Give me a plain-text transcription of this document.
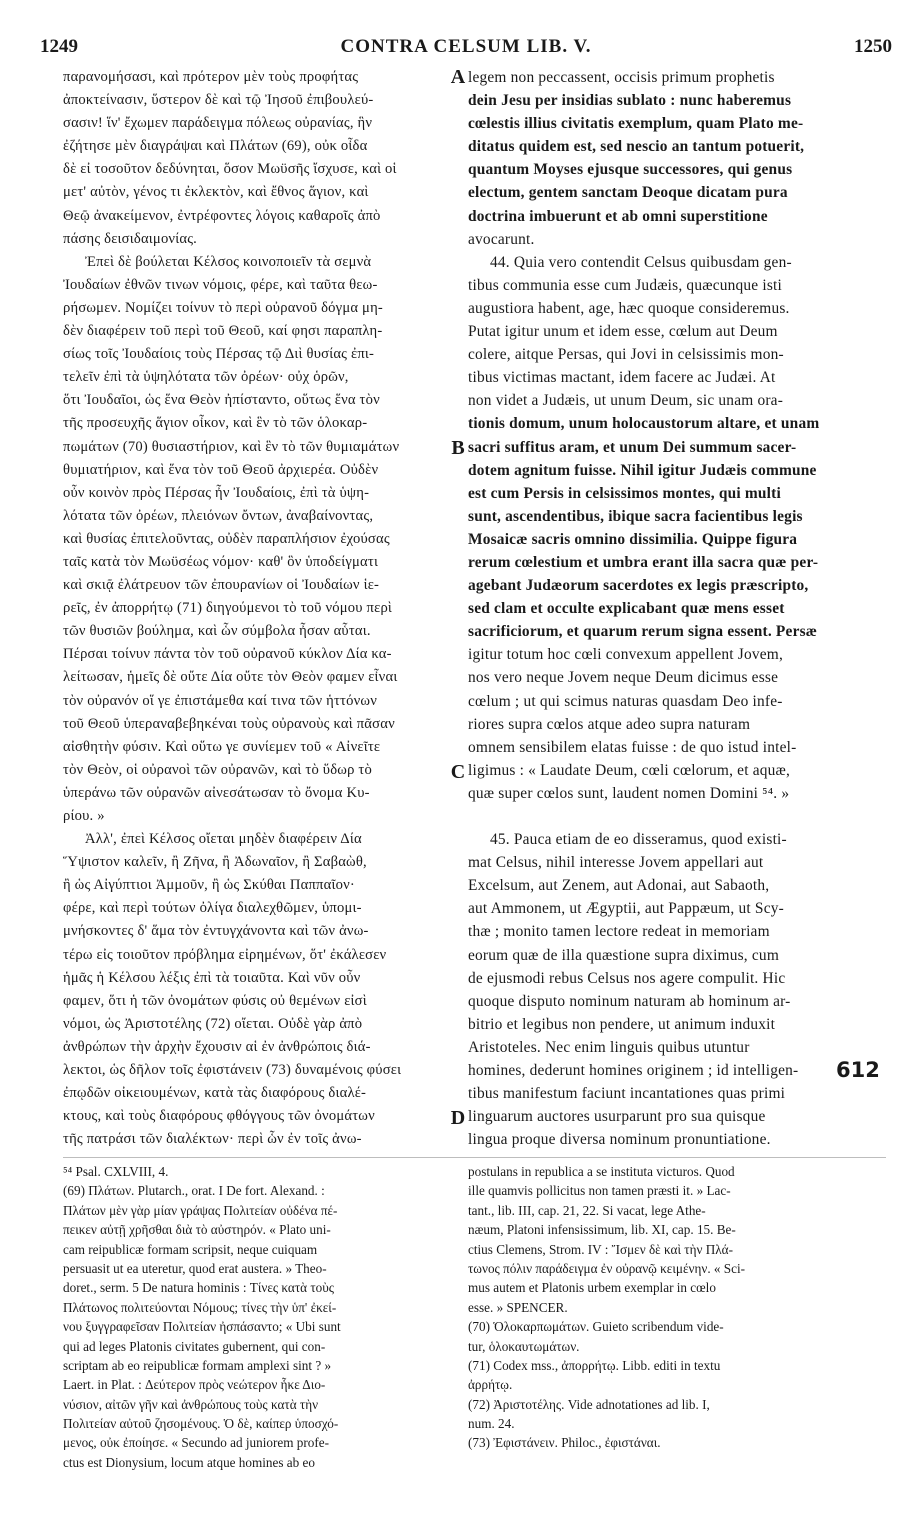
1249	CONTRA CELSUM LIB. V.	1250
παρανομήσασι, καὶ πρότερον μὲν τοὺς προφήτας
ἀποκτείνασιν, ὕστερον δὲ καὶ τῷ Ἰησοῦ ἐπιβουλεύ-
σασιν! ἵν' ἔχωμεν παράδειγμα πόλεως οὐρανίας, ἣν
ἐζήτησε μὲν διαγράψαι καὶ Πλάτων (69), οὐκ οἶδα
δὲ εἰ τοσοῦτον δεδύνηται, ὅσον Μωϋσῆς ἴσχυσε, καὶ οἱ
μετ' αὐτὸν, γένος τι ἐκλεκτὸν, καὶ ἔθνος ἅγιον, καὶ
Θεῷ ἀνακείμενον, ἐντρέφοντες λόγοις καθαροῖς ἀπὸ
πάσης δεισιδαιμονίας.
Ἐπεὶ δὲ βούλεται Κέλσος κοινοποιεῖν τὰ σεμνὰ
Ἰουδαίων ἐθνῶν τινων νόμοις, φέρε, καὶ ταῦτα θεω-
ρήσωμεν. Νομίζει τοίνυν τὸ περὶ οὐρανοῦ δόγμα μη-
δὲν διαφέρειν τοῦ περὶ τοῦ Θεοῦ, καί φησι παραπλη-
σίως τοῖς Ἰουδαίοις τοὺς Πέρσας τῷ Διὶ θυσίας ἐπι-
τελεῖν ἐπὶ τὰ ὑψηλότατα τῶν ὀρέων· οὐχ ὁρῶν,
ὅτι Ἰουδαῖοι, ὡς ἕνα Θεὸν ἠπίσταντο, οὕτως ἕνα τὸν
τῆς προσευχῆς ἅγιον οἶκον, καὶ ἓν τὸ τῶν ὁλοκαρ-
πωμάτων (70) θυσιαστήριον, καὶ ἓν τὸ τῶν θυμιαμάτων
θυμιατήριον, καὶ ἕνα τὸν τοῦ Θεοῦ ἀρχιερέα. Οὐδὲν
οὖν κοινὸν πρὸς Πέρσας ἦν Ἰουδαίοις, ἐπὶ τὰ ὑψη-
λότατα τῶν ὀρέων, πλειόνων ὄντων, ἀναβαίνοντας,
καὶ θυσίας ἐπιτελοῦντας, οὐδὲν παραπλήσιον ἐχούσας
ταῖς κατὰ τὸν Μωϋσέως νόμον· καθ' ὃν ὑποδείγματι
καὶ σκιᾷ ἐλάτρευον τῶν ἐπουρανίων οἱ Ἰουδαίων ἱε-
ρεῖς, ἐν ἀπορρήτῳ (71) διηγούμενοι τὸ τοῦ νόμου περὶ
τῶν θυσιῶν βούλημα, καὶ ὧν σύμβολα ἦσαν αὗται.
Πέρσαι τοίνυν πάντα τὸν τοῦ οὐρανοῦ κύκλον Δία κα-
λείτωσαν, ἡμεῖς δὲ οὔτε Δία οὔτε τὸν Θεὸν φαμεν εἶναι
τὸν οὐρανόν οἵ γε ἐπιστάμεθα καί τινα τῶν ἡττόνων
τοῦ Θεοῦ ὑπεραναβεβηκέναι τοὺς οὐρανοὺς καὶ πᾶσαν
αἰσθητὴν φύσιν. Καὶ οὕτω γε συνίεμεν τοῦ « Αἰνεῖτε
τὸν Θεὸν, οἱ οὐρανοὶ τῶν οὐρανῶν, καὶ τὸ ὕδωρ τὸ
ὑπεράνω τῶν οὐρανῶν αἰνεσάτωσαν τὸ ὄνομα Κυ-
ρίου. »
Ἀλλ', ἐπεὶ Κέλσος οἴεται μηδὲν διαφέρειν Δία
Ὕψιστον καλεῖν, ἢ Ζῆνα, ἢ Ἀδωναῖον, ἢ Σαβαὼθ,
ἢ ὡς Αἰγύπτιοι Ἀμμοῦν, ἢ ὡς Σκύθαι Παππαῖον·
φέρε, καὶ περὶ τούτων ὀλίγα διαλεχθῶμεν, ὑπομι-
μνήσκοντες δ' ἅμα τὸν ἐντυγχάνοντα καὶ τῶν ἀνω-
τέρω εἰς τοιοῦτον πρόβλημα εἰρημένων, ὅτ' ἐκάλεσεν
ἡμᾶς ἡ Κέλσου λέξις ἐπὶ τὰ τοιαῦτα. Καὶ νῦν οὖν
φαμεν, ὅτι ἡ τῶν ὀνομάτων φύσις οὐ θεμένων εἰσὶ
νόμοι, ὡς Ἀριστοτέλης (72) οἴεται. Οὐδὲ γὰρ ἀπὸ
ἀνθρώπων τὴν ἀρχὴν ἔχουσιν αἱ ἐν ἀνθρώποις διά-
λεκτοι, ὡς δῆλον τοῖς ἐφιστάνειν (73) δυναμένοις φύσει
ἐπῳδῶν οἰκειουμένων, κατὰ τὰς διαφόρους διαλέ-
κτους, καὶ τοὺς διαφόρους φθόγγους τῶν ὀνομάτων
τῆς πατράσι τῶν διαλέκτων· περὶ ὧν ἐν τοῖς ἀνω-
legem non peccassent, occisis primum prophetis
dein Jesu per insidias sublato : nunc haberemus
cœlestis illius civitatis exemplum, quam Plato me-
ditatus quidem est, sed nescio an tantum potuerit,
quantum Moyses ejusque successores, qui genus
electum, gentem sanctam Deoque dicatam pura
doctrina imbuerunt et ab omni superstitione
avocarunt.
44. Quia vero contendit Celsus quibusdam gen-
tibus communia esse cum Judæis, quæcunque isti
augustiora habent, age, hæc quoque consideremus.
Putat igitur unum et idem esse, cœlum aut Deum
colere, aitque Persas, qui Jovi in celsissimis mon-
tibus victimas mactant, idem facere ac Judæi. At
non videt a Judæis, ut unum Deum, sic unam ora-
tionis domum, unum holocaustorum altare, et unam
sacri suffitus aram, et unum Dei summum sacer-
dotem agnitum fuisse. Nihil igitur Judæis commune
est cum Persis in celsissimos montes, qui multi
sunt, ascendentibus, ibique sacra facientibus legis
Mosaicæ sacris omnino dissimilia. Quippe figura
rerum cœlestium et umbra erant illa sacra quæ per-
agebant Judæorum sacerdotes ex legis præscripto,
sed clam et occulte explicabant quæ mens esset
sacrificiorum, et quarum rerum signa essent. Persæ
igitur totum hoc cœli convexum appellent Jovem,
nos vero neque Jovem neque Deum dicimus esse
cœlum ; ut qui scimus naturas quasdam Deo infe-
riores supra cœlos atque adeo supra naturam
omnem sensibilem elatas fuisse : de quo istud intel-
ligimus : « Laudate Deum, cœli cœlorum, et aquæ,
quæ super cœlos sunt, laudent nomen Domini ⁵⁴. »
45. Pauca etiam de eo disseramus, quod existi-
mat Celsus, nihil interesse Jovem appellari aut
Excelsum, aut Zenem, aut Adonai, aut Sabaoth,
aut Ammonem, ut Ægyptii, aut Pappæum, ut Scy-
thæ ; monito tamen lectore redeat in memoriam
eorum quæ de illa quæstione supra diximus, cum
de ejusmodi rebus Celsus nos agere compulit. Hic
quoque disputo nominum naturam ab hominum ar-
bitrio et legibus non pendere, ut animum induxit
Aristoteles. Nec enim linguis quibus utuntur
homines, dederunt homines originem ; id intelligen-
tibus manifestum faciunt incantationes quas primi
linguarum auctores usurparunt pro sua quisque
lingua proque diversa nominum pronuntiatione.
A
B
C
D
612
⁵⁴ Psal. CXLVIII, 4.
(69) Πλάτων. Plutarch., orat. I De fort. Alexand. :
Πλάτων μὲν γὰρ μίαν γράψας Πολιτείαν οὐδένα πέ-
πεικεν αὐτῇ χρῆσθαι διὰ τὸ αὐστηρόν. « Plato uni-
cam reipublicæ formam scripsit, neque cuiquam
persuasit ut ea uteretur, quod erat austera. » Theo-
doret., serm. 5 De natura hominis : Τίνες κατὰ τοὺς
Πλάτωνος πολιτεύονται Νόμους; τίνες τὴν ὑπ' ἐκεί-
νου ξυγγραφεῖσαν Πολιτείαν ἠσπάσαντο; « Ubi sunt
qui ad leges Platonis civitates gubernent, qui con-
scriptam ab eo reipublicæ formam amplexi sint ? »
Laert. in Plat. : Δεύτερον πρὸς νεώτερον ἧκε Διο-
νύσιον, αἰτῶν γῆν καὶ ἀνθρώπους τοὺς κατὰ τὴν
Πολιτείαν αὐτοῦ ζησομένους. Ὁ δὲ, καίπερ ὑποσχό-
μενος, οὐκ ἐποίησε. « Secundo ad juniorem profe-
ctus est Dionysium, locum atque homines ab eo
postulans in republica a se instituta victuros. Quod
ille quamvis pollicitus non tamen præsti it. » Lac-
tant., lib. III, cap. 21, 22. Si vacat, lege Athe-
næum, Platoni infensissimum, lib. XI, cap. 15. Be-
ctius Clemens, Strom. IV : Ἴσμεν δὲ καὶ τὴν Πλά-
τωνος πόλιν παράδειγμα ἐν οὐρανῷ κειμένην. « Sci-
mus autem et Platonis urbem exemplar in cœlo
esse. » SPENCER.
(70) Ὁλοκαρπωμάτων. Guieto scribendum vide-
tur, ὁλοκαυτωμάτων.
(71) Codex mss., ἀπορρήτῳ. Libb. editi in textu
ἀρρήτῳ.
(72) Ἀριστοτέλης. Vide adnotationes ad lib. I,
num. 24.
(73) Ἐφιστάνειν. Philoc., ἐφιστάναι.
